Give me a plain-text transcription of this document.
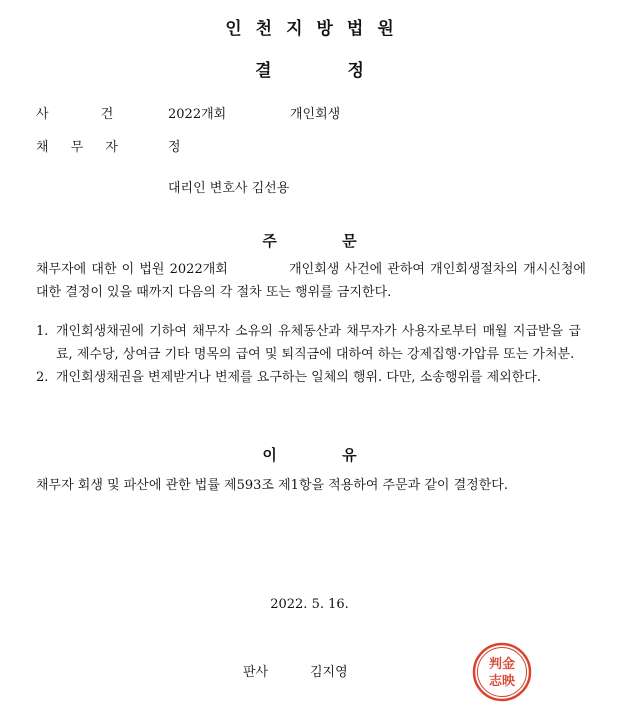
인천지방법원
결 정
사 건	2022개회	개인회생
채 무 자	정
대리인 변호사 김선용
주 문
채무자에 대한 이 법원 2022개회 　　　　개인회생 사건에 관하여 개인회생절차의 개시신청에 대한 결정이 있을 때까지 다음의 각 절차 또는 행위를 금지한다.
1. 개인회생채권에 기하여 채무자 소유의 유체동산과 채무자가 사용자로부터 매월 지급받을 급료, 제수당, 상여금 기타 명목의 급여 및 퇴직금에 대하여 하는 강제집행·가압류 또는 가처분.
2. 개인회생채권을 변제받거나 변제를 요구하는 일체의 행위. 다만, 소송행위를 제외한다.
이 유
채무자 회생 및 파산에 관한 법률 제593조 제1항을 적용하여 주문과 같이 결정한다.
2022. 5. 16.
판사	김지영
判金
志映
